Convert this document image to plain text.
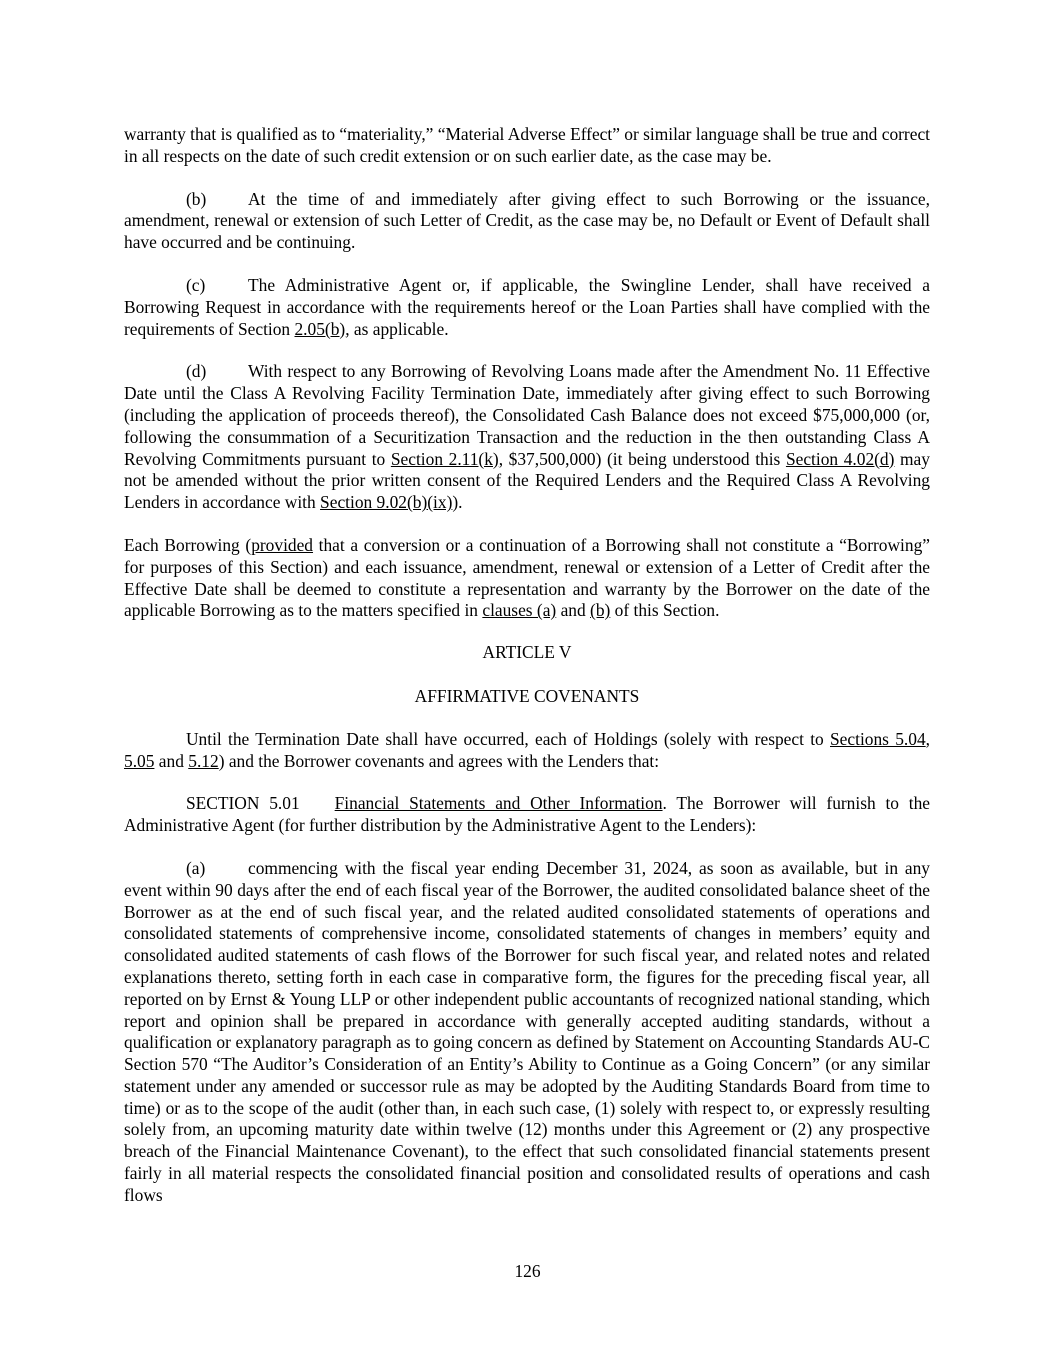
warranty that is qualified as to “materiality,” “Material Adverse Effect” or similar language shall be true and correct in all respects on the date of such credit extension or on such earlier date, as the case may be.

(b) At the time of and immediately after giving effect to such Borrowing or the issuance, amendment, renewal or extension of such Letter of Credit, as the case may be, no Default or Event of Default shall have occurred and be continuing.

(c) The Administrative Agent or, if applicable, the Swingline Lender, shall have received a Borrowing Request in accordance with the requirements hereof or the Loan Parties shall have complied with the requirements of Section 2.05(b), as applicable.

(d) With respect to any Borrowing of Revolving Loans made after the Amendment No. 11 Effective Date until the Class A Revolving Facility Termination Date, immediately after giving effect to such Borrowing (including the application of proceeds thereof), the Consolidated Cash Balance does not exceed $75,000,000 (or, following the consummation of a Securitization Transaction and the reduction in the then outstanding Class A Revolving Commitments pursuant to Section 2.11(k), $37,500,000) (it being understood this Section 4.02(d) may not be amended without the prior written consent of the Required Lenders and the Required Class A Revolving Lenders in accordance with Section 9.02(b)(ix)).

Each Borrowing (provided that a conversion or a continuation of a Borrowing shall not constitute a “Borrowing” for purposes of this Section) and each issuance, amendment, renewal or extension of a Letter of Credit after the Effective Date shall be deemed to constitute a representation and warranty by the Borrower on the date of the applicable Borrowing as to the matters specified in clauses (a) and (b) of this Section.

ARTICLE V

AFFIRMATIVE COVENANTS

Until the Termination Date shall have occurred, each of Holdings (solely with respect to Sections 5.04, 5.05 and 5.12) and the Borrower covenants and agrees with the Lenders that:

SECTION 5.01 Financial Statements and Other Information. The Borrower will furnish to the Administrative Agent (for further distribution by the Administrative Agent to the Lenders):

(a) commencing with the fiscal year ending December 31, 2024, as soon as available, but in any event within 90 days after the end of each fiscal year of the Borrower, the audited consolidated balance sheet of the Borrower as at the end of such fiscal year, and the related audited consolidated statements of operations and consolidated statements of comprehensive income, consolidated statements of changes in members’ equity and consolidated audited statements of cash flows of the Borrower for such fiscal year, and related notes and related explanations thereto, setting forth in each case in comparative form, the figures for the preceding fiscal year, all reported on by Ernst & Young LLP or other independent public accountants of recognized national standing, which report and opinion shall be prepared in accordance with generally accepted auditing standards, without a qualification or explanatory paragraph as to going concern as defined by Statement on Accounting Standards AU-C Section 570 “The Auditor’s Consideration of an Entity’s Ability to Continue as a Going Concern” (or any similar statement under any amended or successor rule as may be adopted by the Auditing Standards Board from time to time) or as to the scope of the audit (other than, in each such case, (1) solely with respect to, or expressly resulting solely from, an upcoming maturity date within twelve (12) months under this Agreement or (2) any prospective breach of the Financial Maintenance Covenant), to the effect that such consolidated financial statements present fairly in all material respects the consolidated financial position and consolidated results of operations and cash flows

126
